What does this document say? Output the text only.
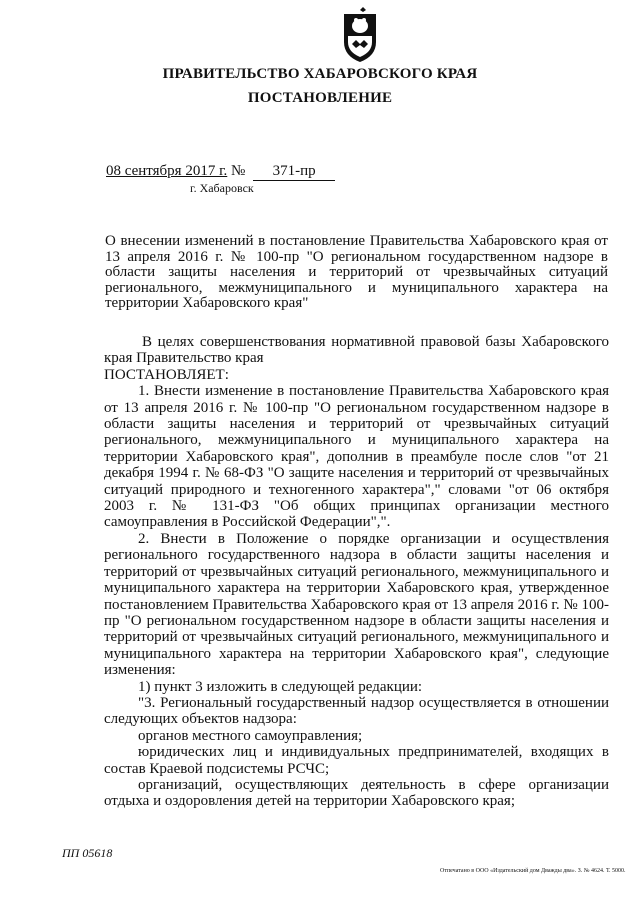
ПРАВИТЕЛЬСТВО ХАБАРОВСКОГО КРАЯ
ПОСТАНОВЛЕНИЕ
08 сентября 2017 г. № 371-пр
г. Хабаровск
О внесении изменений в постановление Правительства Хабаровского края от 13 апреля 2016 г. № 100-пр "О региональном государственном надзоре в области защиты населения и территорий от чрезвычайных ситуаций регионального, межмуниципального и муниципального характера на территории Хабаровского края"

В целях совершенствования нормативной правовой базы Хабаровского края Правительство края

ПОСТАНОВЛЯЕТ:

1. Внести изменение в постановление Правительства Хабаровского края от 13 апреля 2016 г. № 100-пр "О региональном государственном надзоре в области защиты населения и территорий от чрезвычайных ситуаций регионального, межмуниципального и муниципального характера на территории Хабаровского края", дополнив в преамбуле после слов "от 21 декабря 1994 г. № 68-ФЗ "О защите населения и территорий от чрезвычайных ситуаций природного и техногенного характера"," словами "от 06 октября 2003 г. № 131-ФЗ "Об общих принципах организации местного самоуправления в Российской Федерации",".

2. Внести в Положение о порядке организации и осуществления регионального государственного надзора в области защиты населения и территорий от чрезвычайных ситуаций регионального, межмуниципального и муниципального характера на территории Хабаровского края, утвержденное постановлением Правительства Хабаровского края от 13 апреля 2016 г. № 100-пр "О региональном государственном надзоре в области защиты населения и территорий от чрезвычайных ситуаций регионального, межмуниципального и муниципального характера на территории Хабаровского края", следующие изменения:

1) пункт 3 изложить в следующей редакции:

"3. Региональный государственный надзор осуществляется в отношении следующих объектов надзора:

органов местного самоуправления;

юридических лиц и индивидуальных предпринимателей, входящих в состав Краевой подсистемы РСЧС;

организаций, осуществляющих деятельность в сфере организации отдыха и оздоровления детей на территории Хабаровского края;

ПП 05618
Отпечатано в ООО «Издательский дом Дважды два». З. № 4624. Т. 5000.
